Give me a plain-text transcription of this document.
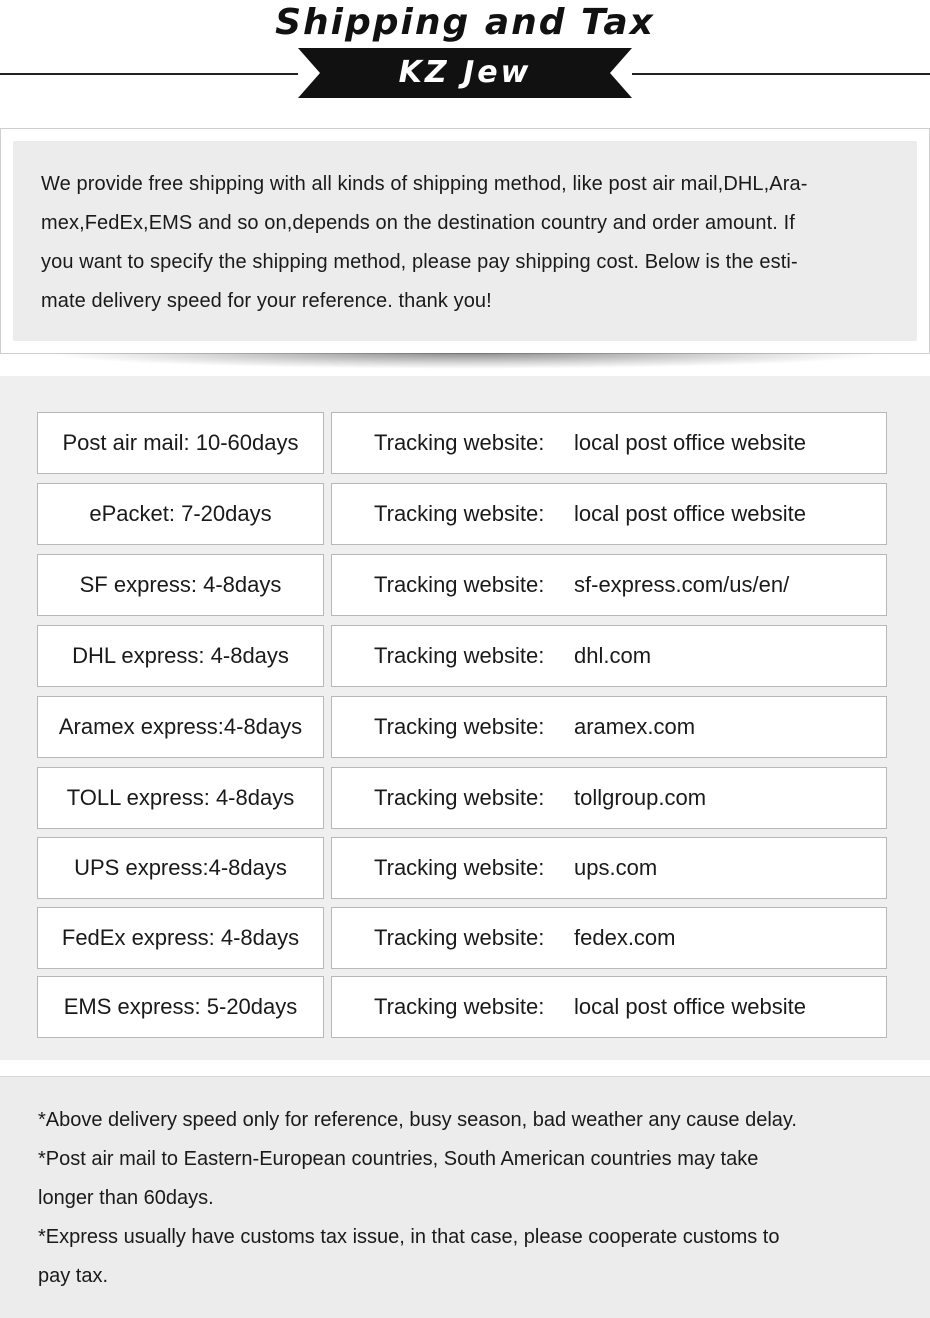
Shipping and Tax
KZ Jew
We provide free shipping with all kinds of shipping method, like post air mail,DHL,Ara-
mex,FedEx,EMS and so on,depends on the destination country and order amount. If
you want to specify the shipping method, please pay shipping cost. Below is the esti-
mate delivery speed for your reference. thank you!
Post air mail: 10-60days	Tracking website: local post office website
ePacket: 7-20days	Tracking website: local post office website
SF express: 4-8days	Tracking website: sf-express.com/us/en/
DHL express: 4-8days	Tracking website: dhl.com
Aramex express:4-8days	Tracking website: aramex.com
TOLL express: 4-8days	Tracking website: tollgroup.com
UPS express:4-8days	Tracking website: ups.com
FedEx express: 4-8days	Tracking website: fedex.com
EMS express: 5-20days	Tracking website: local post office website
*Above delivery speed only for reference, busy season, bad weather any cause delay.
*Post air mail to Eastern-European countries, South American countries may take
longer than 60days.
*Express usually have customs tax issue, in that case, please cooperate customs to
pay tax.
